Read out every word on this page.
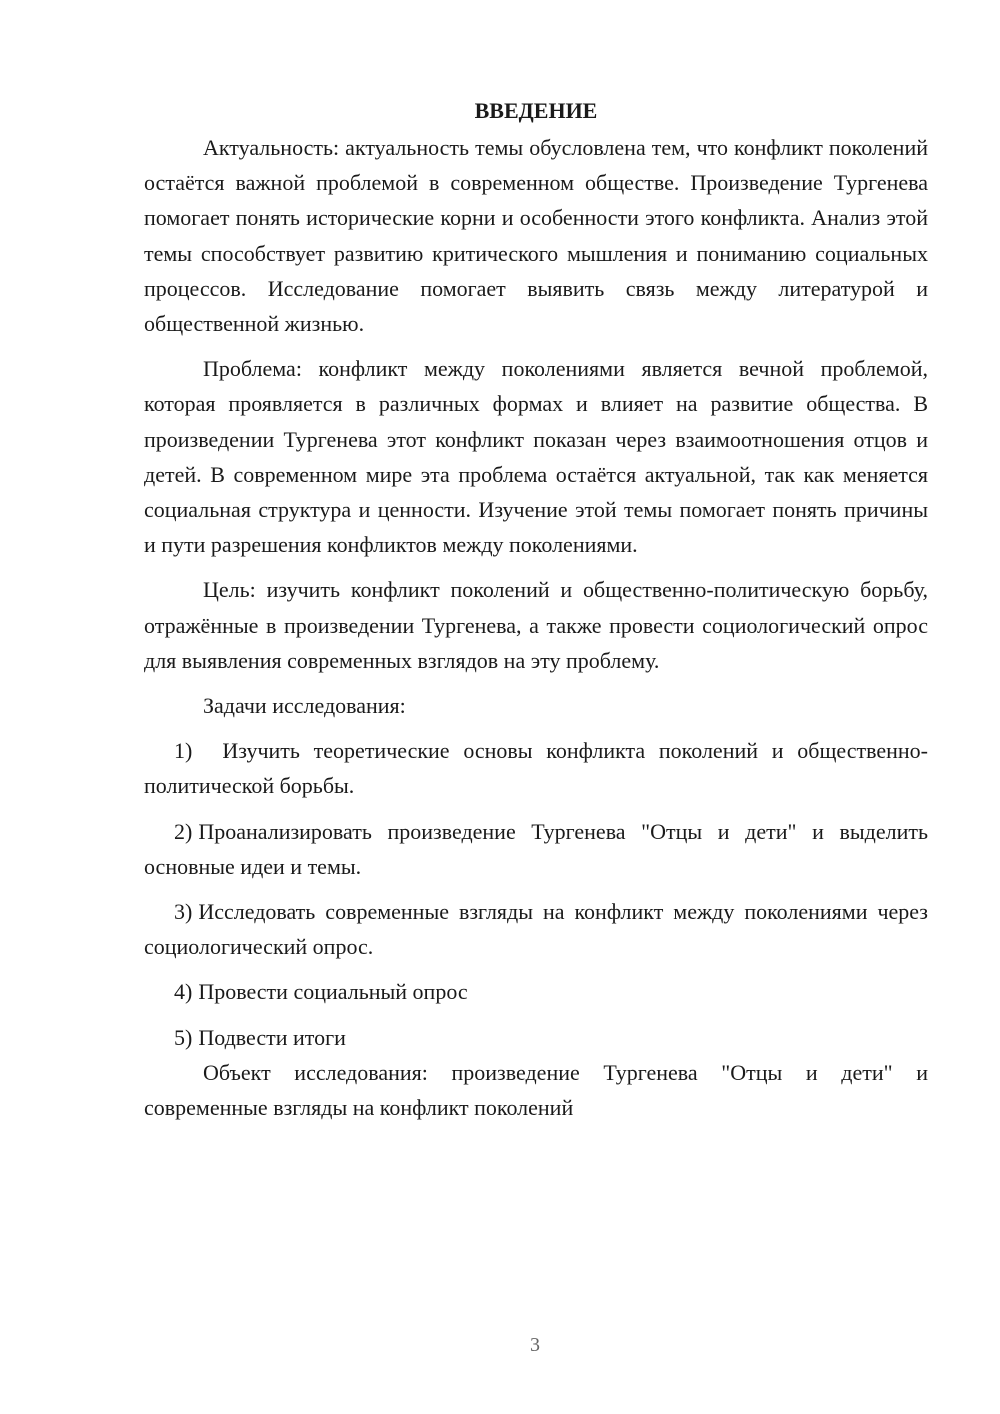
ВВЕДЕНИЕ

Актуальность: актуальность темы обусловлена тем, что конфликт поколений остаётся важной проблемой в современном обществе. Произведение Тургенева помогает понять исторические корни и особенности этого конфликта. Анализ этой темы способствует развитию критического мышления и пониманию социальных процессов. Исследование помогает выявить связь между литературой и общественной жизнью.

Проблема: конфликт между поколениями является вечной проблемой, которая проявляется в различных формах и влияет на развитие общества. В произведении Тургенева этот конфликт показан через взаимоотношения отцов и детей. В современном мире эта проблема остаётся актуальной, так как меняется социальная структура и ценности. Изучение этой темы помогает понять причины и пути разрешения конфликтов между поколениями.

Цель: изучить конфликт поколений и общественно-политическую борьбу, отражённые в произведении Тургенева, а также провести социологический опрос для выявления современных взглядов на эту проблему.

Задачи исследования:

1) Изучить теоретические основы конфликта поколений и общественно-политической борьбы.

2) Проанализировать произведение Тургенева "Отцы и дети" и выделить основные идеи и темы.

3) Исследовать современные взгляды на конфликт между поколениями через социологический опрос.

4) Провести социальный опрос

5) Подвести итоги

Объект исследования: произведение Тургенева "Отцы и дети" и современные взгляды на конфликт поколений

3
